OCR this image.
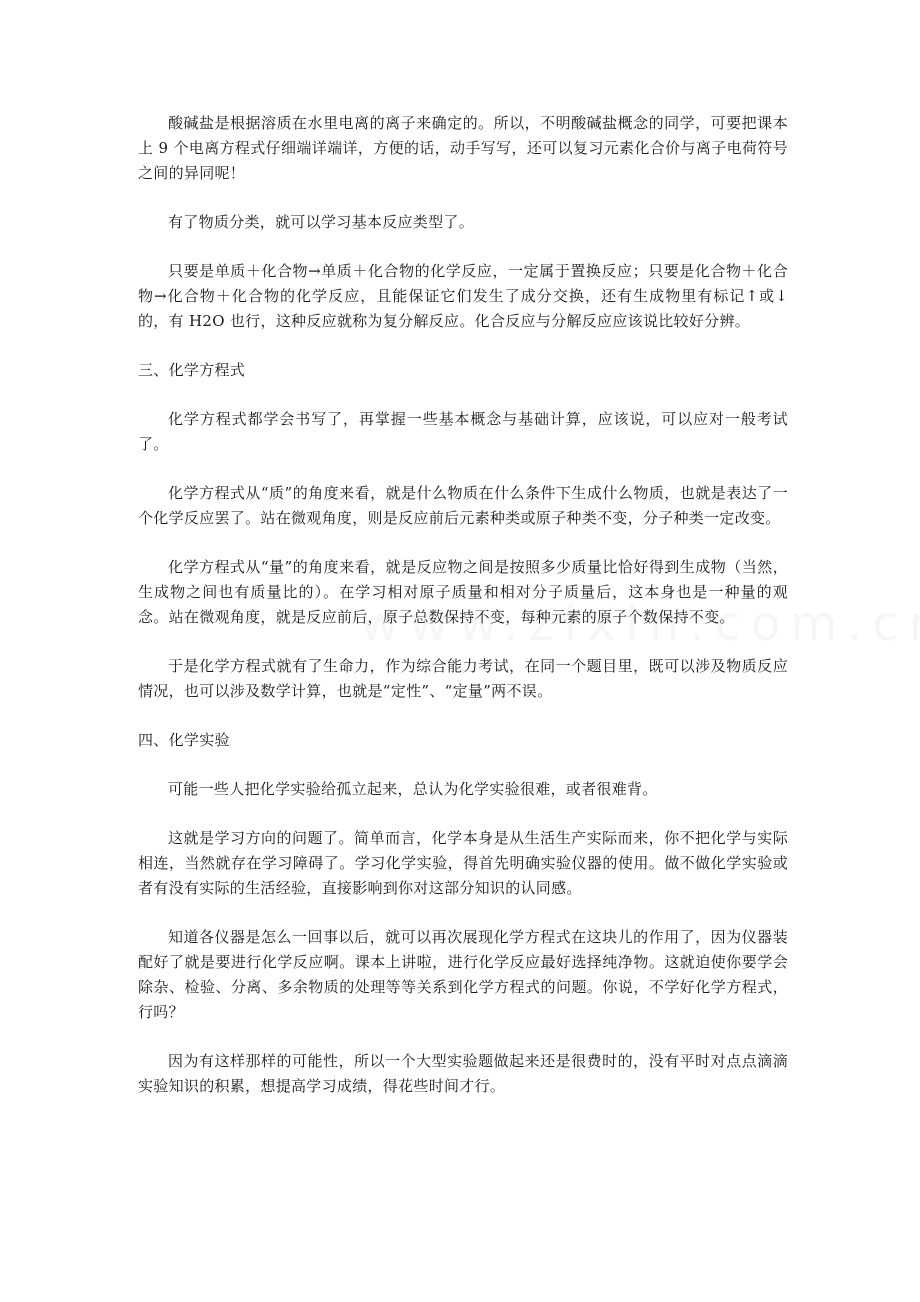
酸碱盐是根据溶质在水里电离的离子来确定的。所以，不明酸碱盐概念的同学，可要把课本上 9 个电离方程式仔细端详端详，方便的话，动手写写，还可以复习元素化合价与离子电荷符号之间的异同呢！

有了物质分类，就可以学习基本反应类型了。

只要是单质＋化合物→单质＋化合物的化学反应，一定属于置换反应；只要是化合物＋化合物→化合物＋化合物的化学反应，且能保证它们发生了成分交换，还有生成物里有标记↑或↓的，有 H2O 也行，这种反应就称为复分解反应。化合反应与分解反应应该说比较好分辨。

三、化学方程式

化学方程式都学会书写了，再掌握一些基本概念与基础计算，应该说，可以应对一般考试了。

化学方程式从“质”的角度来看，就是什么物质在什么条件下生成什么物质，也就是表达了一个化学反应罢了。站在微观角度，则是反应前后元素种类或原子种类不变，分子种类一定改变。

化学方程式从“量”的角度来看，就是反应物之间是按照多少质量比恰好得到生成物（当然，生成物之间也有质量比的）。在学习相对原子质量和相对分子质量后，这本身也是一种量的观念。站在微观角度，就是反应前后，原子总数保持不变，每种元素的原子个数保持不变。

于是化学方程式就有了生命力，作为综合能力考试，在同一个题目里，既可以涉及物质反应情况，也可以涉及数学计算，也就是“定性”、“定量”两不误。

四、化学实验

可能一些人把化学实验给孤立起来，总认为化学实验很难，或者很难背。

这就是学习方向的问题了。简单而言，化学本身是从生活生产实际而来，你不把化学与实际相连，当然就存在学习障碍了。学习化学实验，得首先明确实验仪器的使用。做不做化学实验或者有没有实际的生活经验，直接影响到你对这部分知识的认同感。

知道各仪器是怎么一回事以后，就可以再次展现化学方程式在这块儿的作用了，因为仪器装配好了就是要进行化学反应啊。课本上讲啦，进行化学反应最好选择纯净物。这就迫使你要学会除杂、检验、分离、多余物质的处理等等关系到化学方程式的问题。你说，不学好化学方程式，行吗？

因为有这样那样的可能性，所以一个大型实验题做起来还是很费时的，没有平时对点点滴滴实验知识的积累，想提高学习成绩，得花些时间才行。
